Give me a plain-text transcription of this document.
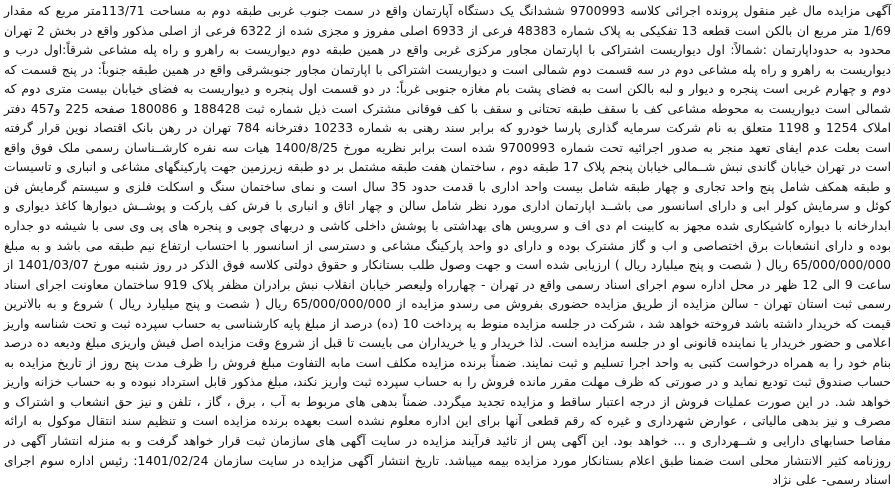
آگهی مزایده مال غیر منقول پرونده اجرائی کلاسه 9700993 ششدانگ یک دستگاه آپارتمان واقع در سمت جنوب غربی طبقه دوم به مساحت 113/71متر مربع که مقدار 1/69 متر مربع ان بالکن است قطعه 13 تفکیکی به پلاک شماره 48383 فرعی از 6933 اصلی مفروز و مجزی شده از 6322 فرعی از اصلی مذکور واقع در بخش 2 تهران محدود به حدوداپارتمان :شمالاً: اول دیواریست اشتراکی با اپارتمان مجاور مرکزی غربی واقع در همین طبقه دوم دیواریست به راهرو و راه پله مشاعی شرقاً:اول درب و دیواریست به راهرو و راه پله مشاعی دوم در سه قسمت دوم شمالی است و دیواریست اشتراکی با اپارتمان مجاور جنوبشرقی واقع در همین طبقه جنوباً: در پنج قسمت که دوم و چهارم غربی است پنجره و دیوار و لبه بالکن است به فضای پشت بام مغازه جنوبی غرباً: در دو قسمت اول پنجره و دیواریست به فضای خیابان بیست متری دوم که شمالی است دیواریست به محوطه مشاعی کف با سقف طبقه تحتانی و سقف با کف فوقانی مشترک است ذیل شماره ثبت 188428 و 180086 صفحه 225 و457 دفتر املاک 1254 و 1198 متعلق به نام شرکت سرمایه گذاری پارسا خودرو که برابر سند رهنی به شماره 10233 دفترخانه 784 تهران در رهن بانک اقتصاد نوین قرار گرفته است بعلت عدم ایفای تعهد منجر به صدور اجرائیه تحت شماره 9700993 شده است برابر نظریه مورخ 1400/8/25 هیات سه نفره کارشــناسان رسمی ملک فوق واقع است در تهران خیابان گاندی نبش شــمالی خیابان پنجم پلاک 17 طبقه دوم ، ساختمان هفت طبقه مشتمل بر دو طبقه زیرزمین جهت پارکینگهای مشاعی و انباری و تاسیسات و طبقه همکف شامل پنج واحد تجاری و چهار طبقه شامل بیست واحد اداری با قدمت حدود 35 سال است و نمای ساختمان سنگ و اسکلت فلزی و سیستم گرمایش فن کوئل و سرمایش کولر ابی و دارای اسانسور می باشــد اپارتمان اداری مورد نظر شامل سالن و چهار اتاق و انباری با فرش کف پارکت و پوشــش دیوارها کاغذ دیواری و ابدارخانه با دیواره کاشیکاری شده مجهز به کابینت ام دی اف و سرویس های بهداشتی با پوشش داخلی کاشی و دربهای چوبی و پنجره های پی وی سی با شیشه دو جداره بوده و دارای انشعابات برق اختصاصی و اب و گاز مشترک بوده و دارای دو واحد پارکینگ مشاعی و دسترسی از اسانسور با احتساب ارتفاع نیم طبقه می باشد و به مبلغ 65/000/000/000 ریال ( شصت و پنج میلیارد ریال ) ارزیابی شده است و جهت وصول طلب بستانکار و حقوق دولتی کلاسه فوق الذکر در روز شنبه مورخ 1401/03/07 از ساعت 9 الی 12 ظهر در محل اداره سوم اجرای اسناد رسمی واقع در تهران - چهارراه ولیعصر خیابان انقلاب نبش برادران مظفر پلاک 919 ساختمان معاونت اجرای اسناد رسمی ثبت استان تهران - سالن مزایده از طریق مزایده حضوری بفروش می رسدو مزایده از 65/000/000/000 ریال ( شصت و پنج میلیارد ریال ) شروع و به بالاترین قیمت که خریدار داشته باشد فروخته خواهد شد ، شرکت در جلسه مزایده منوط به پرداخت 10 (ده) درصد از مبلغ پایه کارشناسی به حساب سپرده ثبت و تحت شناسه واریز اعلامی و حضور خریدار یا نماینده قانونی او در جلسه مزایده است. لذا خریدار و یا خریداران می بایست تا قبل از شروع وقت مزایده اصل فیش واریزی مبلغ ودیعه ده درصد بنام خود را به همراه درخواست کتبی به واحد اجرا تسلیم و ثبت نمایند. ضمناً برنده مزایده مکلف است مابه التفاوت مبلغ فروش را ظرف مدت پنج روز از تاریخ مزایده به حساب صندوق ثبت تودیع نماید و در صورتی که ظرف مهلت مقرر مانده فروش را به حساب سپرده ثبت واریز نکند، مبلغ مذکور قابل استرداد نبوده و به حساب خزانه واریز خواهد شد. در این صورت عملیات فروش از درجه اعتبار ساقط و مزایده تجدید میگردد. ضمناً بدهی های مربوط به آب ، برق ، گاز ، تلفن و نیز حق انشعاب و اشتراک و مصرف و نیز بدهی مالیاتی ، عوارض شهرداری و غیره که رقم قطعی آنها برای این اداره معلوم نشده است بعهده برنده مزایده است و تنظیم سند انتقال موکول به ارائه مفاصا حسابهای دارایی و شــهرداری و ... خواهد بود. این آگهی پس از تائید فرآیند مزایده در سایت آگهی های سازمان ثبت قرار خواهد گرفت و به منزله انتشار آگهی در روزنامه کثیر الانتشار محلی است ضمنا طبق اعلام بستانکار مورد مزایده بیمه میباشد. تاریخ انتشار آگهی مزایده در سایت سازمان 1401/02/24: رئیس اداره سوم اجرای اسناد رسمی- علی نژاد
